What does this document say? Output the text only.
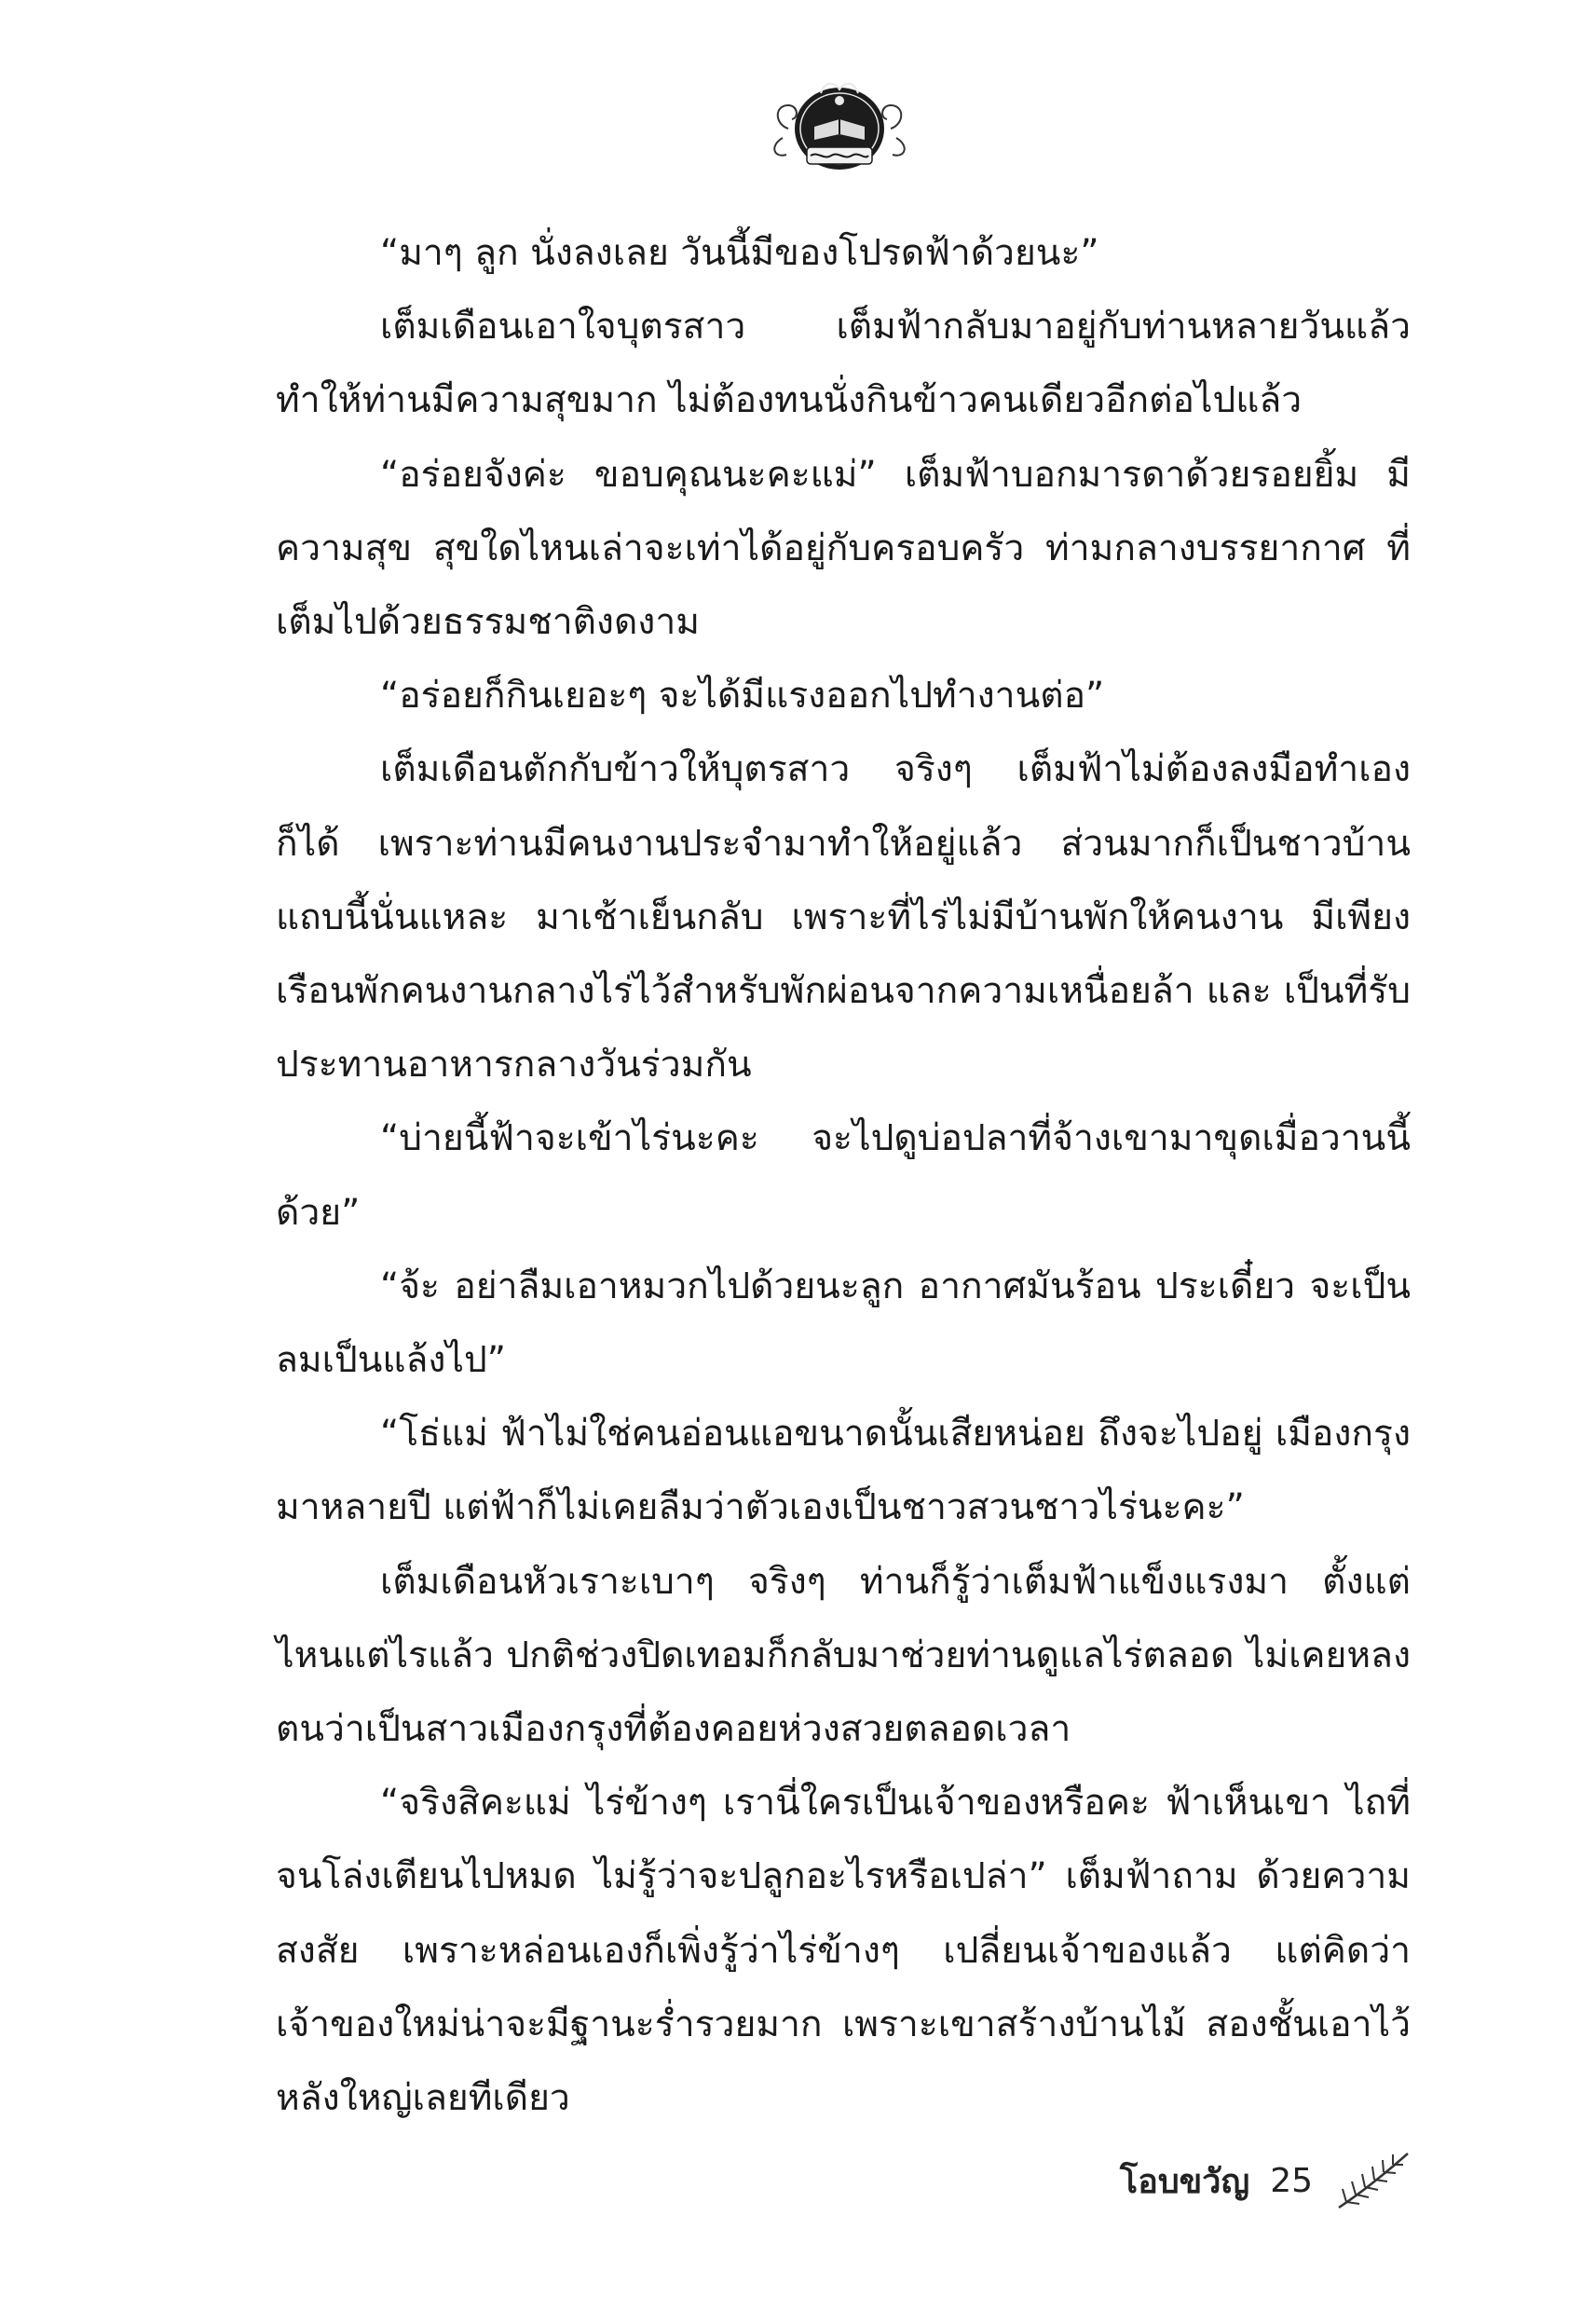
“มาๆ ลูก นั่งลงเลย วันนี้มีของโปรดฟ้าด้วยนะ”

เต็มเดือนเอาใจบุตรสาว เต็มฟ้ากลับมาอยู่กับท่านหลายวันแล้ว ทำให้ท่านมีความสุขมาก ไม่ต้องทนนั่งกินข้าวคนเดียวอีกต่อไปแล้ว

“อร่อยจังค่ะ ขอบคุณนะคะแม่” เต็มฟ้าบอกมารดาด้วยรอยยิ้ม มีความสุข สุขใดไหนเล่าจะเท่าได้อยู่กับครอบครัว ท่ามกลางบรรยากาศ ที่เต็มไปด้วยธรรมชาติงดงาม

“อร่อยก็กินเยอะๆ จะได้มีแรงออกไปทำงานต่อ”

เต็มเดือนตักกับข้าวให้บุตรสาว จริงๆ เต็มฟ้าไม่ต้องลงมือทำเอง ก็ได้ เพราะท่านมีคนงานประจำมาทำให้อยู่แล้ว ส่วนมากก็เป็นชาวบ้าน แถบนี้นั่นแหละ มาเช้าเย็นกลับ เพราะที่ไร่ไม่มีบ้านพักให้คนงาน มีเพียงเรือนพักคนงานกลางไร่ไว้สำหรับพักผ่อนจากความเหนื่อยล้า และ เป็นที่รับประทานอาหารกลางวันร่วมกัน

“บ่ายนี้ฟ้าจะเข้าไร่นะคะ จะไปดูบ่อปลาที่จ้างเขามาขุดเมื่อวานนี้ ด้วย”

“จ้ะ อย่าลืมเอาหมวกไปด้วยนะลูก อากาศมันร้อน ประเดี๋ยว จะเป็นลมเป็นแล้งไป”

“โธ่แม่ ฟ้าไม่ใช่คนอ่อนแอขนาดนั้นเสียหน่อย ถึงจะไปอยู่ เมืองกรุงมาหลายปี แต่ฟ้าก็ไม่เคยลืมว่าตัวเองเป็นชาวสวนชาวไร่นะคะ”

เต็มเดือนหัวเราะเบาๆ จริงๆ ท่านก็รู้ว่าเต็มฟ้าแข็งแรงมา ตั้งแต่ไหนแต่ไรแล้ว ปกติช่วงปิดเทอมก็กลับมาช่วยท่านดูแลไร่ตลอด ไม่เคยหลงตนว่าเป็นสาวเมืองกรุงที่ต้องคอยห่วงสวยตลอดเวลา

“จริงสิคะแม่ ไร่ข้างๆ เรานี่ใครเป็นเจ้าของหรือคะ ฟ้าเห็นเขา ไถที่จนโล่งเตียนไปหมด ไม่รู้ว่าจะปลูกอะไรหรือเปล่า” เต็มฟ้าถาม ด้วยความสงสัย เพราะหล่อนเองก็เพิ่งรู้ว่าไร่ข้างๆ เปลี่ยนเจ้าของแล้ว แต่คิดว่าเจ้าของใหม่น่าจะมีฐานะร่ำรวยมาก เพราะเขาสร้างบ้านไม้ สองชั้นเอาไว้หลังใหญ่เลยทีเดียว

โอบขวัญ 25
